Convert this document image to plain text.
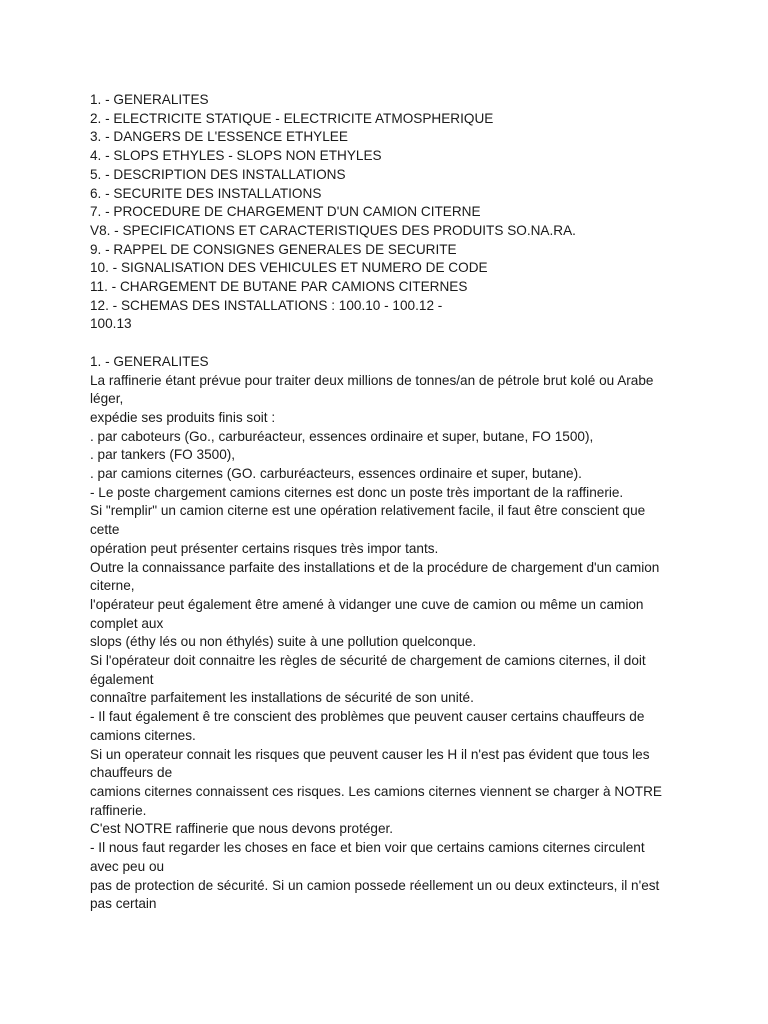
1. - GENERALITES

2. - ELECTRICITE STATIQUE - ELECTRICITE ATMOSPHERIQUE

3. - DANGERS DE L'ESSENCE ETHYLEE

4. - SLOPS ETHYLES - SLOPS NON ETHYLES

5. - DESCRIPTION DES INSTALLATIONS

6. - SECURITE DES INSTALLATIONS

7. - PROCEDURE DE CHARGEMENT D'UN CAMION CITERNE

V8. - SPECIFICATIONS ET CARACTERISTIQUES DES PRODUITS SO.NA.RA.

9. - RAPPEL DE CONSIGNES GENERALES DE SECURITE

10. - SIGNALISATION DES VEHICULES ET NUMERO DE CODE

11. - CHARGEMENT DE BUTANE PAR CAMIONS CITERNES

12. - SCHEMAS DES INSTALLATIONS : 100.10 - 100.12 -

100.13

1. - GENERALITES

La raffinerie étant prévue pour traiter deux millions de tonnes/an de pétrole brut kolé ou Arabe

léger,

expédie ses produits finis soit :

. par caboteurs (Go., carburéacteur, essences ordinaire et super, butane, FO 1500),

. par tankers (FO 3500),

. par camions citernes (GO. carburéacteurs, essences ordinaire et super, butane).

- Le poste chargement camions citernes est donc un poste très important de la raffinerie.

Si "remplir" un camion citerne est une opération relativement facile, il faut être conscient que

cette

opération peut présenter certains risques très impor tants.

Outre la connaissance parfaite des installations et de la procédure de chargement d'un camion

citerne,

l'opérateur peut également être amené à vidanger une cuve de camion ou même un camion

complet aux

slops (éthy lés ou non éthylés) suite à une pollution quelconque.

Si l'opérateur doit connaitre les règles de sécurité de chargement de camions citernes, il doit

également

connaître parfaitement les installations de sécurité de son unité.

- Il faut également ê tre conscient des problèmes que peuvent causer certains chauffeurs de

camions citernes.

Si un operateur connait les risques que peuvent causer les H il n'est pas évident que tous les

chauffeurs de

camions citernes connaissent ces risques. Les camions citernes viennent se charger à NOTRE

raffinerie.

C'est NOTRE raffinerie que nous devons protéger.

- Il nous faut regarder les choses en face et bien voir que certains camions citernes circulent

avec peu ou

pas de protection de sécurité. Si un camion possede réellement un ou deux extincteurs, il n'est

pas certain
